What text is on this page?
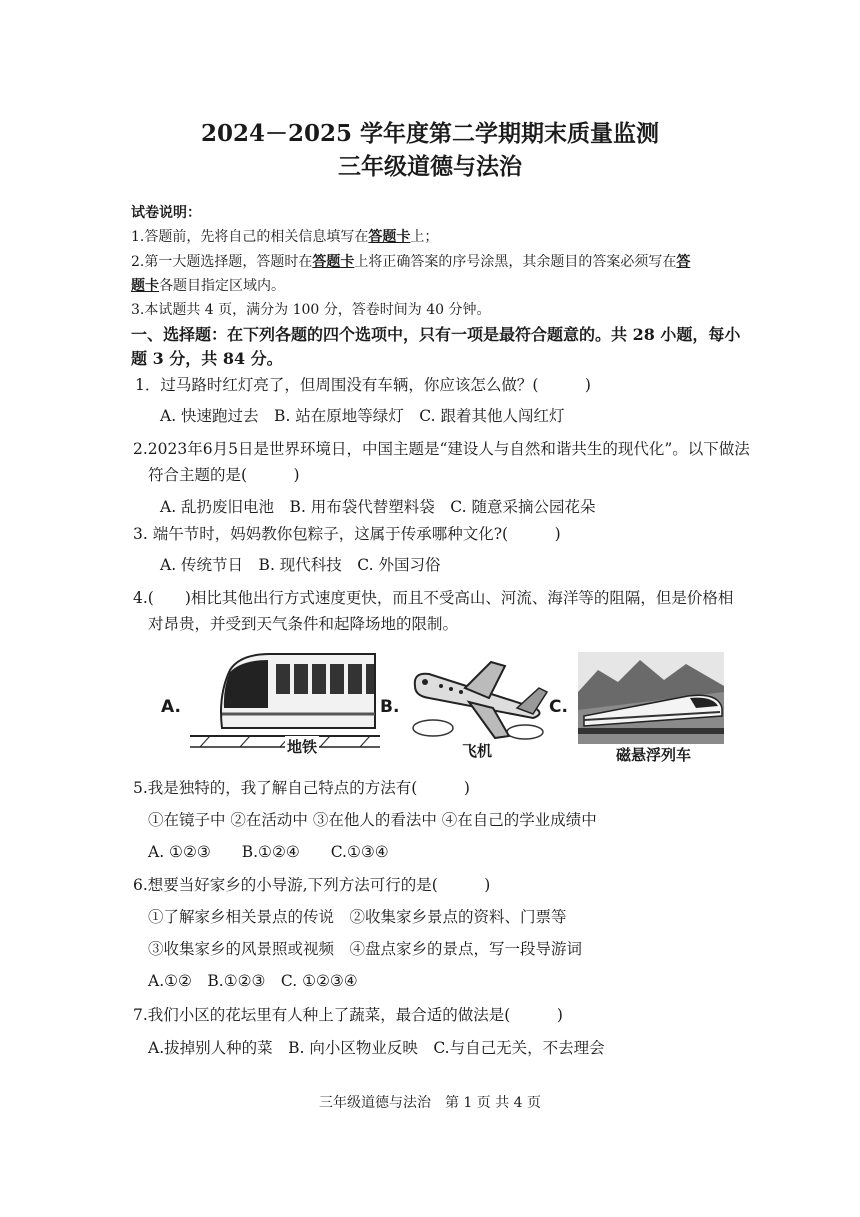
2024－2025 学年度第二学期期末质量监测
三年级道德与法治
试卷说明：
1.答题前，先将自己的相关信息填写在答题卡上；
2.第一大题选择题，答题时在答题卡上将正确答案的序号涂黑，其余题目的答案必须写在答
题卡各题目指定区域内。
3.本试题共 4 页，满分为 100 分，答卷时间为 40 分钟。
一、选择题：在下列各题的四个选项中，只有一项是最符合题意的。共 28 小题，每小
题 3 分，共 84 分。
1．过马路时红灯亮了，但周围没有车辆，你应该怎么做？(　　　)
A. 快速跑过去　B. 站在原地等绿灯　C. 跟着其他人闯红灯
2.2023年6月5日是世界环境日，中国主题是“建设人与自然和谐共生的现代化”。以下做法
符合主题的是(　　　)
A. 乱扔废旧电池　B. 用布袋代替塑料袋　C. 随意采摘公园花朵
3. 端午节时，妈妈教你包粽子，这属于传承哪种文化?(　　　)
A. 传统节日　B. 现代科技　C. 外国习俗
4.(　　)相比其他出行方式速度更快，而且不受高山、河流、海洋等的阻隔，但是价格相
对昂贵，并受到天气条件和起降场地的限制。
A.
地铁
B.
飞机
C.
磁悬浮列车
5.我是独特的，我了解自己特点的方法有(　　　)
①在镜子中 ②在活动中 ③在他人的看法中 ④在自己的学业成绩中
A. ①②③　　B.①②④　　C.①③④
6.想要当好家乡的小导游,下列方法可行的是(　　　)
①了解家乡相关景点的传说　②收集家乡景点的资料、门票等
③收集家乡的风景照或视频　④盘点家乡的景点，写一段导游词
A.①②　B.①②③　C. ①②③④
7.我们小区的花坛里有人种上了蔬菜，最合适的做法是(　　　)
A.拔掉别人种的菜　B. 向小区物业反映　C.与自己无关，不去理会
三年级道德与法治　第 1 页 共 4 页
